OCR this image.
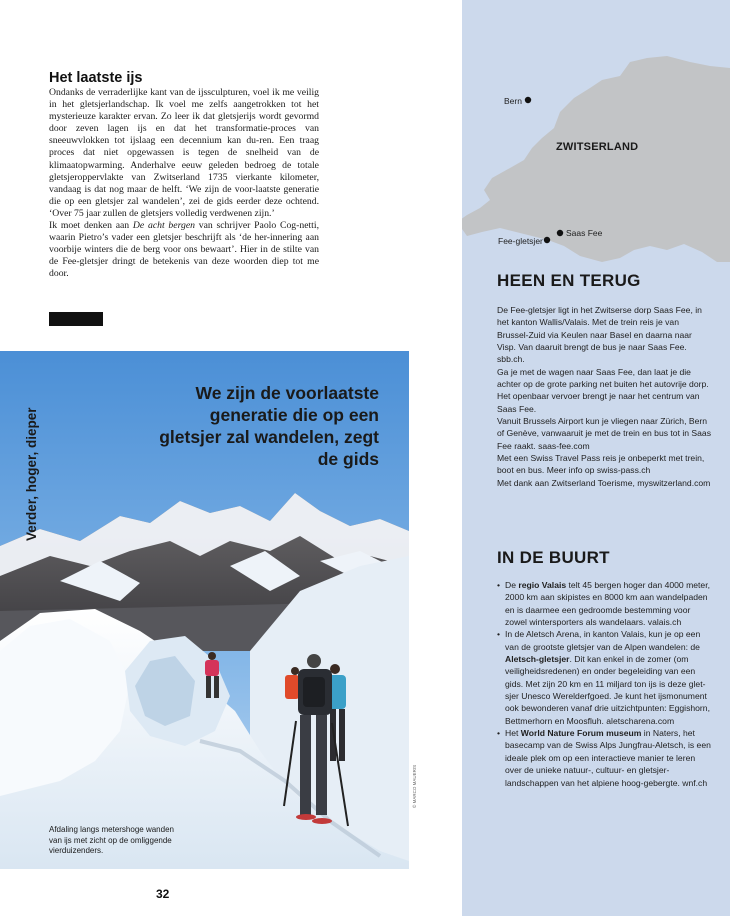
Het laatste ijs

Ondanks de verraderlijke kant van de ijssculpturen, voel ik me veilig in het gletsjerlandschap. Ik voel me zelfs aangetrokken tot het mysterieuze karakter ervan. Zo leer ik dat gletsjerijs wordt gevormd door zeven lagen ijs en dat het transformatie-proces van sneeuwvlokken tot ijslaag een decennium kan du-ren. Een traag proces dat niet opgewassen is tegen de snelheid van de klimaatopwarming. Anderhalve eeuw geleden bedroeg de totale gletsjeroppervlakte van Zwitserland 1735 vierkante kilometer, vandaag is dat nog maar de helft. ‘We zijn de voor-laatste generatie die op een gletsjer zal wandelen’, zei de gids eerder deze ochtend. ‘Over 75 jaar zullen de gletsjers volledig verdwenen zijn.’

Ik moet denken aan De acht bergen van schrijver Paolo Cog-netti, waarin Pietro’s vader een gletsjer beschrijft als ‘de her-innering aan voorbije winters die de berg voor ons bewaart’. Hier in de stilte van de Fee-gletsjer dringt de betekenis van deze woorden diep tot me door.

We zijn de voorlaatste generatie die op een gletsjer zal wandelen, zegt de gids
Verder, hoger, dieper
Afdaling langs metershoge wanden van ijs met zicht op de omliggende vierduizenders.
© MARCO MAUERIS
32
Bern
Saas Fee
Fee-gletsjer
ZWITSERLAND
HEEN EN TERUG

De Fee-gletsjer ligt in het Zwitserse dorp Saas Fee, in het kanton Wallis/Valais. Met de trein reis je van Brussel-Zuid via Keulen naar Basel en daarna naar Visp. Van daaruit brengt de bus je naar Saas Fee. sbb.ch.

Ga je met de wagen naar Saas Fee, dan laat je die achter op de grote parking net buiten het autovrije dorp. Het openbaar vervoer brengt je naar het centrum van Saas Fee.

Vanuit Brussels Airport kun je vliegen naar Zürich, Bern of Genève, vanwaaruit je met de trein en bus tot in Saas Fee raakt. saas-fee.com

Met een Swiss Travel Pass reis je onbeperkt met trein, boot en bus. Meer info op swiss-pass.ch

Met dank aan Zwitserland Toerisme, myswitzerland.com

IN DE BUURT
• De regio Valais telt 45 bergen hoger dan 4000 meter, 2000 km aan skipistes en 8000 km aan wandelpaden en is daarmee een gedroomde bestemming voor zowel wintersporters als wandelaars. valais.ch
• In de Aletsch Arena, in kanton Valais, kun je op een van de grootste gletsjer van de Alpen wandelen: de Aletsch-gletsjer. Dit kan enkel in de zomer (om veiligheidsredenen) en onder begeleiding van een gids. Met zijn 20 km en 11 miljard ton ijs is deze glet-sjer Unesco Werelderfgoed. Je kunt het ijsmonument ook bewonderen vanaf drie uitzichtpunten: Eggishorn, Bettmerhorn en Moosfluh. aletscharena.com
• Het World Nature Forum museum in Naters, het basecamp van de Swiss Alps Jungfrau-Aletsch, is een ideale plek om op een interactieve manier te leren over de unieke natuur-, cultuur- en gletsjer-landschappen van het alpiene hoog-gebergte. wnf.ch
